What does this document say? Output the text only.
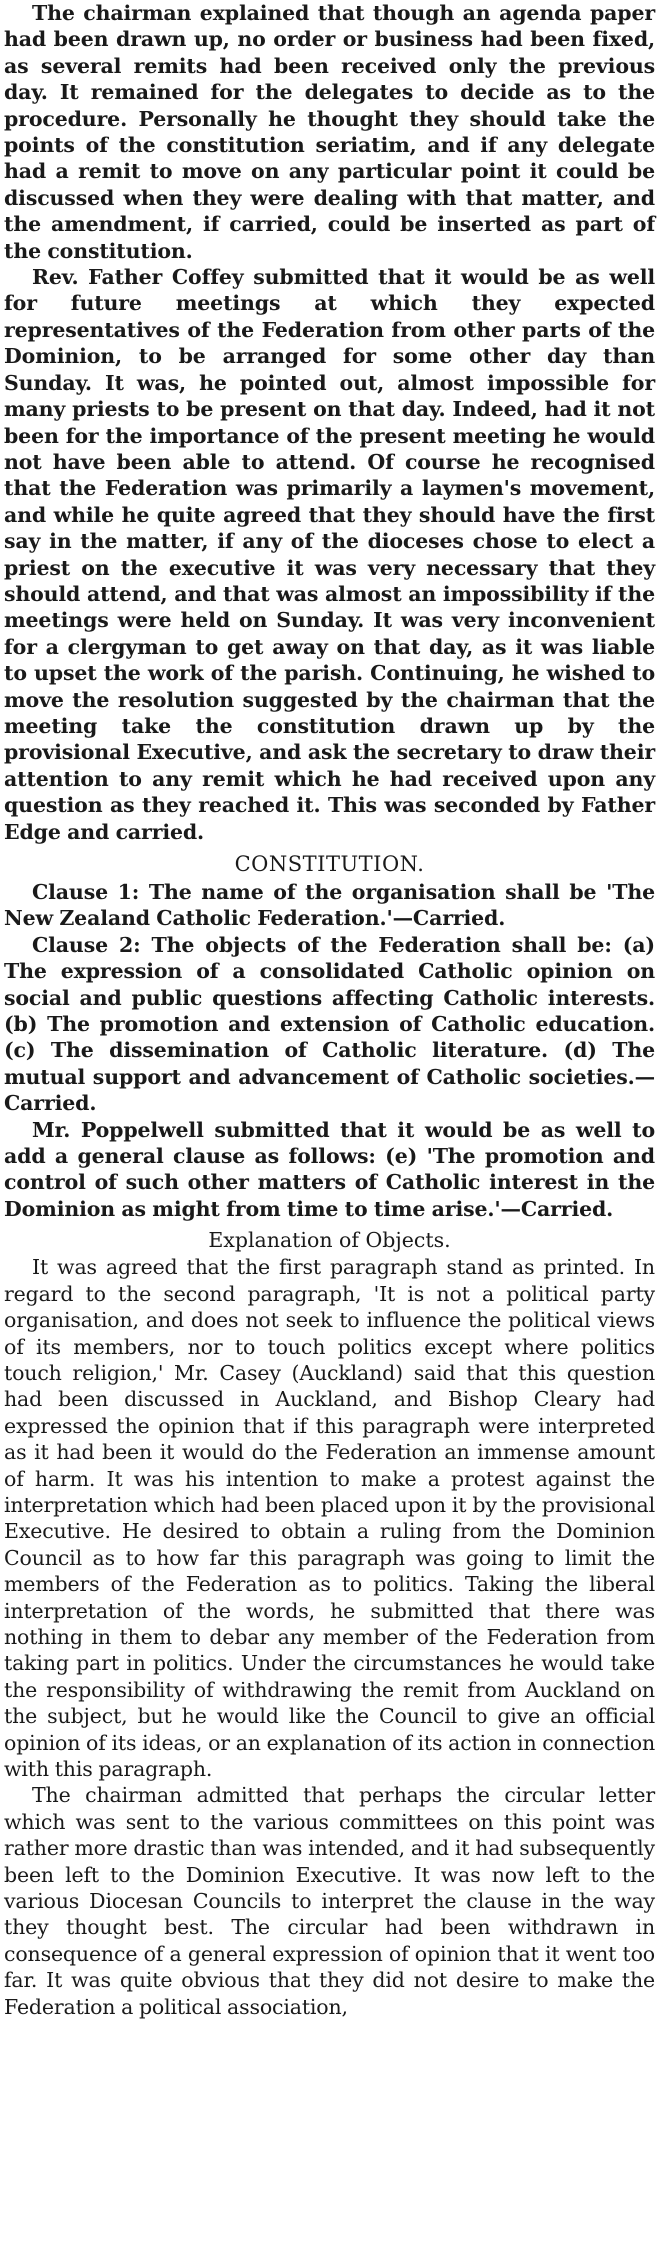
The chairman explained that though an agenda paper had been drawn up, no order or business had been fixed, as several remits had been received only the previous day. It remained for the delegates to decide as to the procedure. Personally he thought they should take the points of the constitution seriatim, and if any delegate had a remit to move on any particular point it could be discussed when they were dealing with that matter, and the amendment, if carried, could be inserted as part of the constitution.

Rev. Father Coffey submitted that it would be as well for future meetings at which they expected representatives of the Federation from other parts of the Dominion, to be arranged for some other day than Sunday. It was, he pointed out, almost impossible for many priests to be present on that day. Indeed, had it not been for the importance of the present meeting he would not have been able to attend. Of course he recognised that the Federation was primarily a laymen's movement, and while he quite agreed that they should have the first say in the matter, if any of the dioceses chose to elect a priest on the executive it was very necessary that they should attend, and that was almost an impossibility if the meetings were held on Sunday. It was very inconvenient for a clergyman to get away on that day, as it was liable to upset the work of the parish. Continuing, he wished to move the resolution suggested by the chairman that the meeting take the constitution drawn up by the provisional Executive, and ask the secretary to draw their attention to any remit which he had received upon any question as they reached it. This was seconded by Father Edge and carried.

CONSTITUTION.

Clause 1: The name of the organisation shall be 'The New Zealand Catholic Federation.'—Carried.

Clause 2: The objects of the Federation shall be: (a) The expression of a consolidated Catholic opinion on social and public questions affecting Catholic interests. (b) The promotion and extension of Catholic education. (c) The dissemination of Catholic literature. (d) The mutual support and advancement of Catholic societies.—Carried.

Mr. Poppelwell submitted that it would be as well to add a general clause as follows: (e) 'The promotion and control of such other matters of Catholic interest in the Dominion as might from time to time arise.'—Carried.

Explanation of Objects.

It was agreed that the first paragraph stand as printed. In regard to the second paragraph, 'It is not a political party organisation, and does not seek to influence the political views of its members, nor to touch politics except where politics touch religion,' Mr. Casey (Auckland) said that this question had been discussed in Auckland, and Bishop Cleary had expressed the opinion that if this paragraph were interpreted as it had been it would do the Federation an immense amount of harm. It was his intention to make a protest against the interpretation which had been placed upon it by the provisional Executive. He desired to obtain a ruling from the Dominion Council as to how far this paragraph was going to limit the members of the Federation as to politics. Taking the liberal interpretation of the words, he submitted that there was nothing in them to debar any member of the Federation from taking part in politics. Under the circumstances he would take the responsibility of withdrawing the remit from Auckland on the subject, but he would like the Council to give an official opinion of its ideas, or an explanation of its action in connection with this paragraph.

The chairman admitted that perhaps the circular letter which was sent to the various committees on this point was rather more drastic than was intended, and it had subsequently been left to the Dominion Executive. It was now left to the various Diocesan Councils to interpret the clause in the way they thought best. The circular had been withdrawn in consequence of a general expression of opinion that it went too far. It was quite obvious that they did not desire to make the Federation a political association,
